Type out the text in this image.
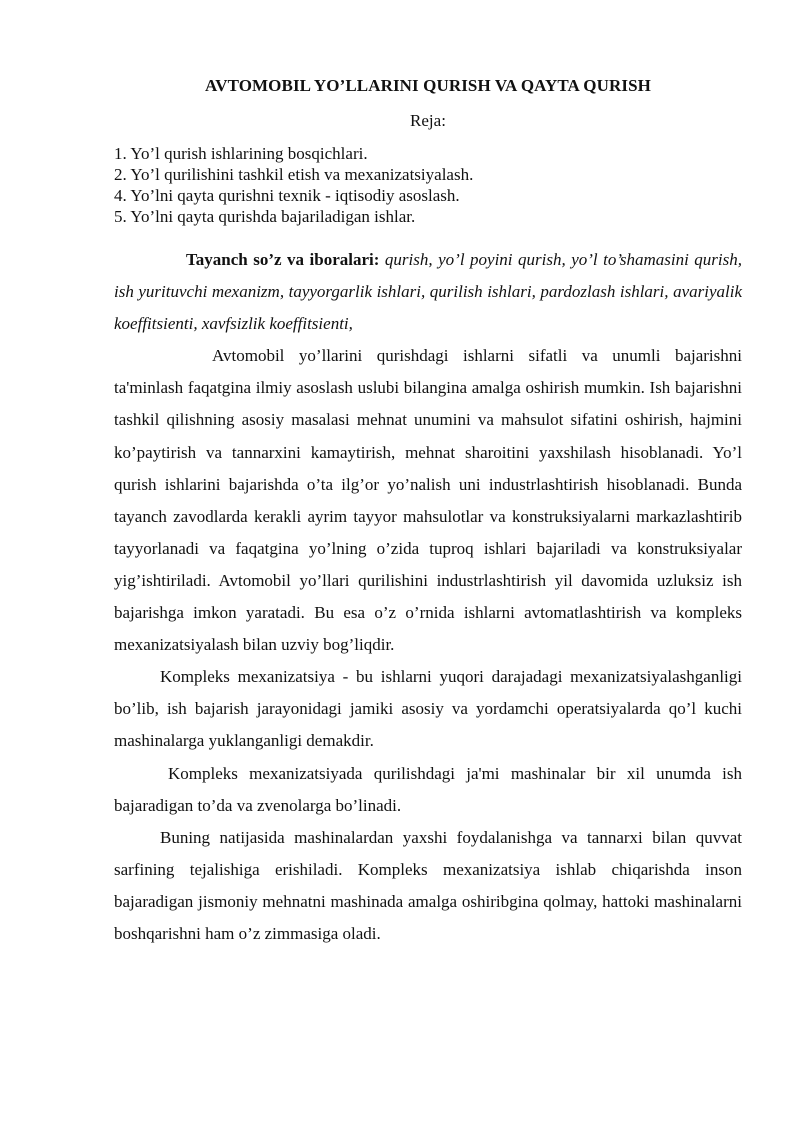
AVTOMOBIL YO’LLARINI QURISH VA QAYTA QURISH
Reja:
1. Yo’l qurish ishlarining bosqichlari.
2. Yo’l qurilishini tashkil etish va mexanizatsiyalash.
4. Yo’lni qayta qurishni texnik - iqtisodiy asoslash.
5. Yo’lni qayta qurishda bajariladigan ishlar.

Tayanch so’z va iboralari: qurish, yo’l poyini qurish, yo’l to’shamasini qurish, ish yurituvchi mexanizm, tayyorgarlik ishlari, qurilish ishlari, pardozlash ishlari, avariyalik koeffitsienti, xavfsizlik koeffitsienti,

Avtomobil yo’llarini qurishdagi ishlarni sifatli va unumli bajarishni ta'minlash faqatgina ilmiy asoslash uslubi bilangina amalga oshirish mumkin. Ish bajarishni tashkil qilishning asosiy masalasi mehnat unumini va mahsulot sifatini oshirish, hajmini ko’paytirish va tannarxini kamaytirish, mehnat sharoitini yaxshilash hisoblanadi. Yo’l qurish ishlarini bajarishda o’ta ilg’or yo’nalish uni industrlashtirish hisoblanadi. Bunda tayanch zavodlarda kerakli ayrim tayyor mahsulotlar va konstruksiyalarni markazlashtirib tayyorlanadi va faqatgina yo’lning o’zida tuproq ishlari bajariladi va konstruksiyalar yig’ishtiriladi. Avtomobil yo’llari qurilishini industrlashtirish yil davomida uzluksiz ish bajarishga imkon yaratadi. Bu esa o’z o’rnida ishlarni avtomatlashtirish va kompleks mexanizatsiyalash bilan uzviy bog’liqdir.

Kompleks mexanizatsiya - bu ishlarni yuqori darajadagi mexanizatsiyalashganligi bo’lib, ish bajarish jarayonidagi jamiki asosiy va yordamchi operatsiyalarda qo’l kuchi mashinalarga yuklanganligi demakdir.

Kompleks mexanizatsiyada qurilishdagi ja'mi mashinalar bir xil unumda ish bajaradigan to’da va zvenolarga bo’linadi.

Buning natijasida mashinalardan yaxshi foydalanishga va tannarxi bilan quvvat sarfining tejalishiga erishiladi. Kompleks mexanizatsiya ishlab chiqarishda inson bajaradigan jismoniy mehnatni mashinada amalga oshiribgina qolmay, hattoki mashinalarni boshqarishni ham o’z zimmasiga oladi.
